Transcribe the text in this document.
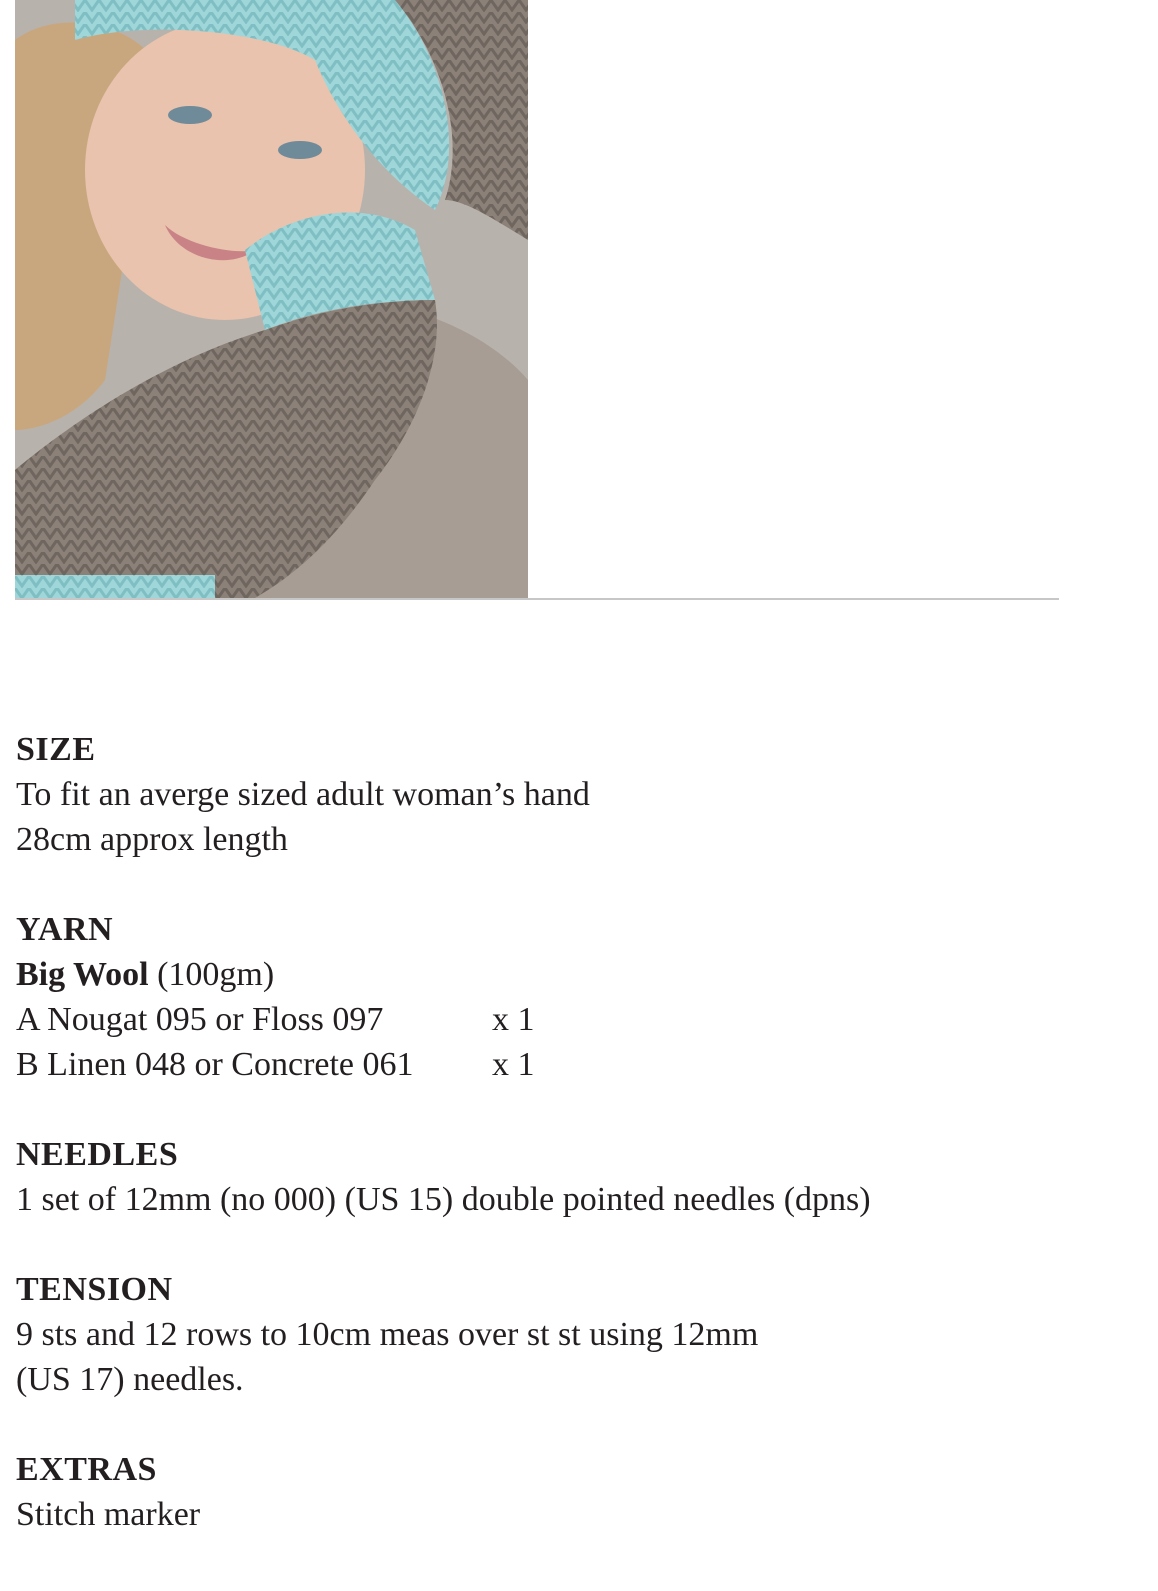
SIZE
To fit an averge sized adult woman’s hand
28cm approx length
YARN
Big Wool (100gm)
A Nougat 095 or Floss 097	x 1
B Linen 048 or Concrete 061	x 1
NEEDLES
1 set of 12mm (no 000) (US 15) double pointed needles (dpns)
TENSION
9 sts and 12 rows to 10cm meas over st st using 12mm
(US 17) needles.
EXTRAS
Stitch marker
